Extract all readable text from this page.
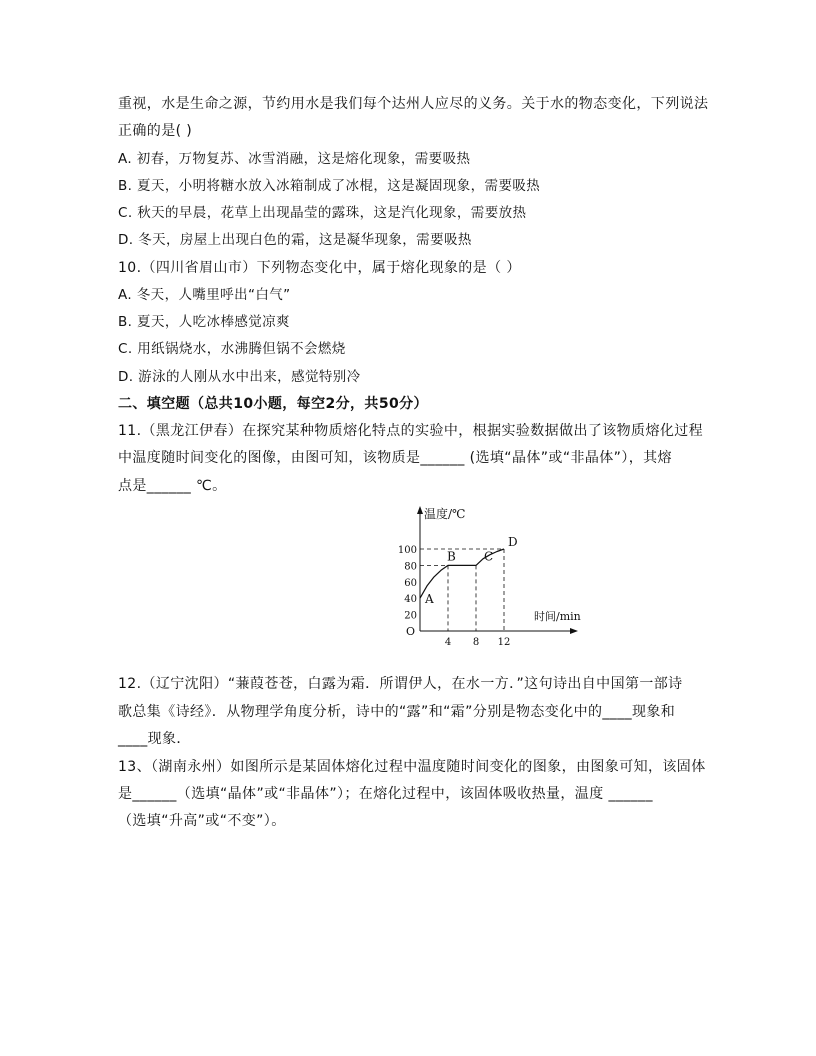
重视，水是生命之源，节约用水是我们每个达州人应尽的义务。关于水的物态变化，下列说法
正确的是( )
A. 初春，万物复苏、冰雪消融，这是熔化现象，需要吸热
B. 夏天，小明将糖水放入冰箱制成了冰棍，这是凝固现象，需要吸热
C. 秋天的早晨，花草上出现晶莹的露珠，这是汽化现象，需要放热
D. 冬天，房屋上出现白色的霜，这是凝华现象，需要吸热
10.（四川省眉山市）下列物态变化中，属于熔化现象的是（ ）
A. 冬天，人嘴里呼出“白气”
B. 夏天，人吃冰棒感觉凉爽
C. 用纸锅烧水，水沸腾但锅不会燃烧
D. 游泳的人刚从水中出来，感觉特别冷
二、填空题（总共10小题，每空2分，共50分）
11.（黑龙江伊春）在探究某种物质熔化特点的实验中，根据实验数据做出了该物质熔化过程
中温度随时间变化的图像，由图可知，该物质是______ (选填“晶体”或“非晶体”），其熔
点是______ ℃。
温度/℃
时间/min
O
20
40
60
80
100
4 8 12
A
B C
D
12.（辽宁沈阳）“蒹葭苍苍，白露为霜．所谓伊人，在水一方．”这句诗出自中国第一部诗
歌总集《诗经》．从物理学角度分析，诗中的“露”和“霜”分别是物态变化中的____现象和
____现象．
13、（湖南永州）如图所示是某固体熔化过程中温度随时间变化的图象，由图象可知，该固体
是______（选填“晶体”或“非晶体”）；在熔化过程中，该固体吸收热量，温度 ______
（选填“升高”或“不变”）。
